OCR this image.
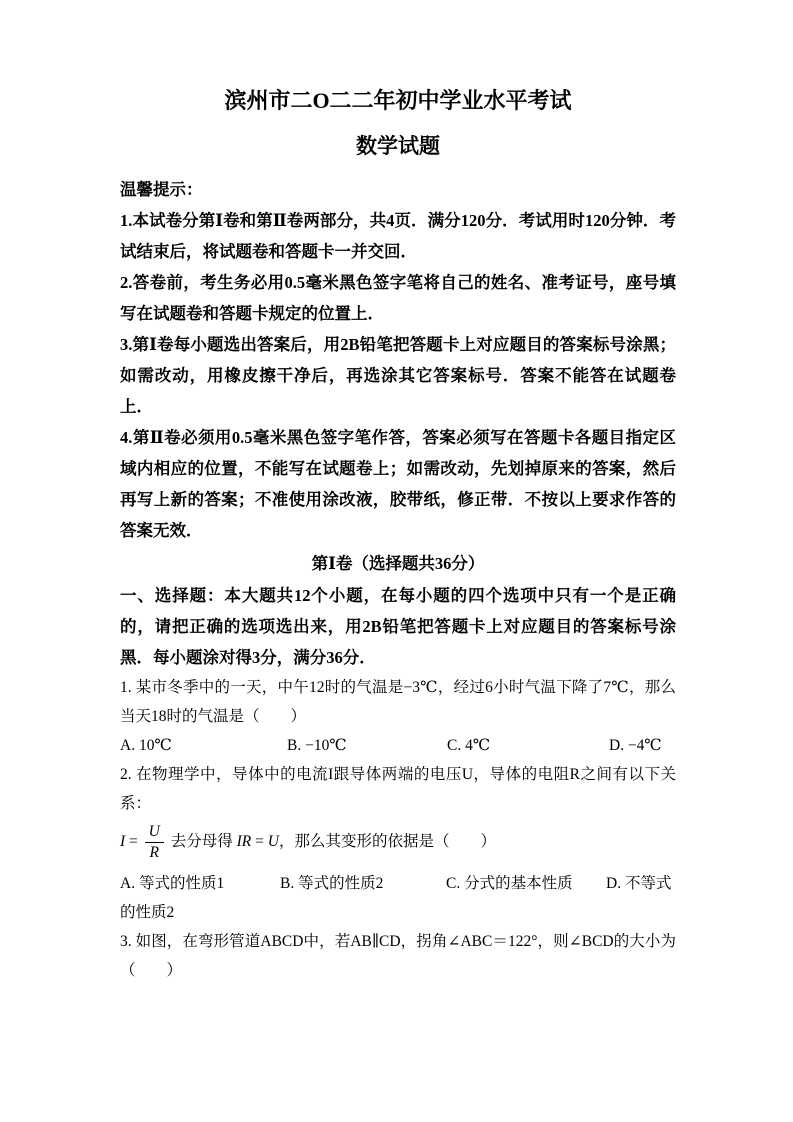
滨州市二O二二年初中学业水平考试
数学试题

温馨提示：

1.本试卷分第Ⅰ卷和第Ⅱ卷两部分，共4页．满分120分．考试用时120分钟．考试结束后，将试题卷和答题卡一并交回．

2.答卷前，考生务必用0.5毫米黑色签字笔将自己的姓名、准考证号，座号填写在试题卷和答题卡规定的位置上．

3.第Ⅰ卷每小题选出答案后，用2B铅笔把答题卡上对应题目的答案标号涂黑；如需改动，用橡皮擦干净后，再选涂其它答案标号．答案不能答在试题卷上．

4.第Ⅱ卷必须用0.5毫米黑色签字笔作答，答案必须写在答题卡各题目指定区域内相应的位置，不能写在试题卷上；如需改动，先划掉原来的答案，然后再写上新的答案；不准使用涂改液，胶带纸，修正带．不按以上要求作答的答案无效．

第Ⅰ卷（选择题共36分）

一、选择题：本大题共12个小题，在每小题的四个选项中只有一个是正确的，请把正确的选项选出来，用2B铅笔把答题卡上对应题目的答案标号涂黑．每小题涂对得3分，满分36分．

1. 某市冬季中的一天，中午12时的气温是−3℃，经过6小时气温下降了7℃，那么当天18时的气温是（　　）

A. 10℃	B. −10℃	C. 4℃	D. −4℃

2. 在物理学中，导体中的电流I跟导体两端的电压U，导体的电阻R之间有以下关系：

$I = \frac{U}{R}$ 去分母得 IR = U，那么其变形的依据是（　　）

A. 等式的性质1	B. 等式的性质2	C. 分式的基本性质 D. 不等式的性质2

3. 如图，在弯形管道ABCD中，若AB∥CD，拐角∠ABC＝122°，则∠BCD的大小为（　　）
